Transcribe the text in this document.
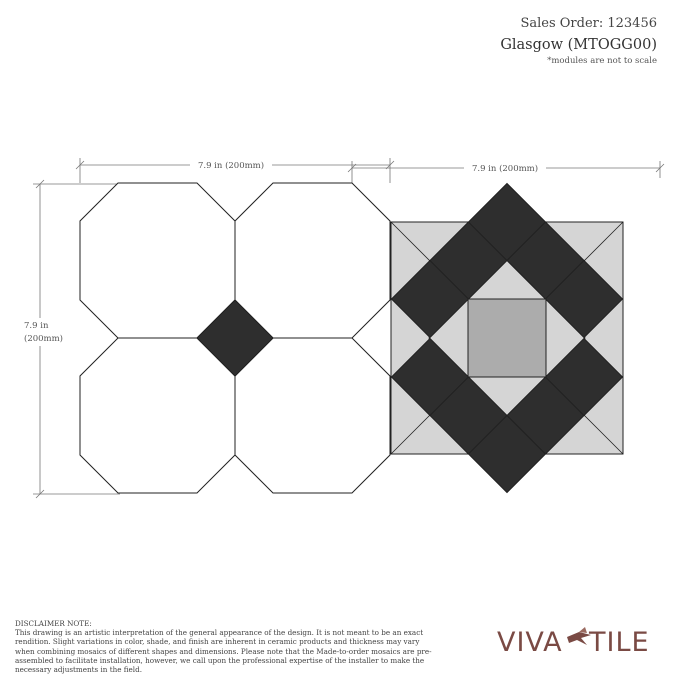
Sales Order: 123456
Glasgow (MTOGG00)
*modules are not to scale
7.9 in (200mm)	7.9 in (200mm)
7.9 in
(200mm)
DISCLAIMER NOTE:
This drawing is an artistic interpretation of the general appearance of the design. It is not meant to be an exact rendition. Slight variations in color, shade, and finish are inherent in ceramic products and thickness may vary when combining mosaics of different shapes and dimensions. Please note that the Made-to-order mosaics are pre-assembled to facilitate installation, however, we call upon the professional expertise of the installer to make the necessary adjustments in the field.
VIVA TILE
